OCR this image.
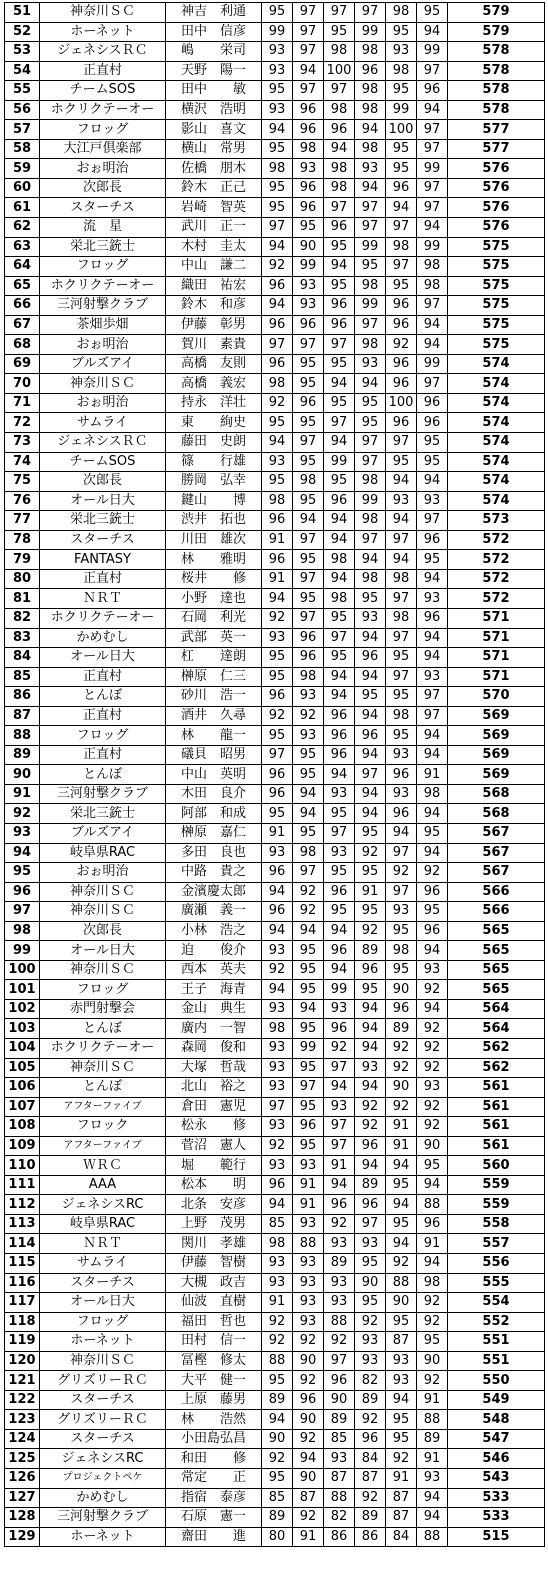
51	神奈川ＳＣ	神吉　利通	95	97	97	97	98	95	579
52	ホーネット	田中　信彦	99	97	95	99	95	94	579
53	ジェネシスＲＣ	嶋　　栄司	93	97	98	98	93	99	578
54	正直村	天野　陽一	93	94	100	96	98	97	578
55	チームSOS	田中　　敏	95	97	97	98	95	96	578
56	ホクリクテーオー	横沢　浩明	93	96	98	98	99	94	578
57	フロッグ	影山　喜文	94	96	96	94	100	97	577
58	大江戸倶楽部	横山　常男	95	98	94	98	95	97	577
59	おぉ明治	佐橋　朋木	98	93	98	93	95	99	576
60	次郎長	鈴木　正己	95	96	98	94	96	97	576
61	スターチス	岩崎　智英	95	96	97	97	94	97	576
62	流　星	武川　正一	97	95	96	97	97	94	576
63	栄北三銃士	木村　圭太	94	90	95	99	98	99	575
64	フロッグ	中山　謙二	92	99	94	95	97	98	575
65	ホクリクテーオー	織田　祐宏	96	93	95	98	95	98	575
66	三河射撃クラブ	鈴木　和彦	94	93	96	99	96	97	575
67	茶畑歩畑	伊藤　彰男	96	96	96	97	96	94	575
68	おぉ明治	賀川　素貴	97	97	97	98	92	94	575
69	ブルズアイ	高橋　友則	96	95	95	93	96	99	574
70	神奈川ＳＣ	高橋　義宏	98	95	94	94	96	97	574
71	おぉ明治	持永　洋壮	92	96	95	95	100	96	574
72	サムライ	東　　絢史	95	95	97	95	96	96	574
73	ジェネシスＲＣ	藤田　史朗	94	97	94	97	97	95	574
74	チームSOS	篠　　行雄	93	95	99	97	95	95	574
75	次郎長	勝岡　弘幸	95	98	95	98	94	94	574
76	オール日大	鍵山　　博	98	95	96	99	93	93	574
77	栄北三銃士	渋井　拓也	96	94	94	98	94	97	573
78	スターチス	川田　雄次	91	97	94	97	97	96	572
79	FANTASY	林　　雅明	96	95	98	94	94	95	572
80	正直村	桜井　　修	91	97	94	98	98	94	572
81	ＮＲＴ	小野　達也	94	95	98	95	97	93	572
82	ホクリクテーオー	石岡　利光	92	97	95	93	98	96	571
83	かめむし	武部　英一	93	96	97	94	97	94	571
84	オール日大	杠　　達朗	95	96	95	96	95	94	571
85	正直村	榊原　仁三	95	98	94	94	97	93	571
86	とんぼ	砂川　浩一	96	93	94	95	95	97	570
87	正直村	酒井　久尋	92	92	96	94	98	97	569
88	フロッグ	林　　龍一	95	93	96	96	95	94	569
89	正直村	礒貝　昭男	97	95	96	94	93	94	569
90	とんぼ	中山　英明	96	95	94	97	96	91	569
91	三河射撃クラブ	木田　良介	96	94	93	94	93	98	568
92	栄北三銃士	阿部　和成	95	94	95	94	96	94	568
93	ブルズアイ	榊原　嘉仁	91	95	97	95	94	95	567
94	岐阜県RAC	多田　良也	93	98	93	92	97	94	567
95	おぉ明治	中路　貴之	96	97	95	95	92	92	567
96	神奈川ＳＣ	金濱慶太郎	94	92	96	91	97	96	566
97	神奈川ＳＣ	廣瀬　義一	96	92	95	95	93	95	566
98	次郎長	小林　浩之	94	94	94	92	95	96	565
99	オール日大	迫　　俊介	93	95	96	89	98	94	565
100	神奈川ＳＣ	西本　英夫	92	95	94	96	95	93	565
101	フロッグ	王子　海青	94	95	99	95	90	92	565
102	赤門射撃会	金山　典生	93	94	93	94	96	94	564
103	とんぼ	廣内　一智	98	95	96	94	89	92	564
104	ホクリクテーオー	森岡　俊和	93	99	92	94	92	92	562
105	神奈川ＳＣ	大塚　哲哉	93	95	97	93	92	92	562
106	とんぼ	北山　裕之	93	97	94	94	90	93	561
107	アフターファイブ	倉田　憲児	97	95	93	92	92	92	561
108	フロック	松永　　修	93	96	97	92	91	92	561
109	アフターファイブ	菅沼　憲人	92	95	97	96	91	90	561
110	ＷＲＣ	堀　　範行	93	93	91	94	94	95	560
111	AAA	松本　　明	96	91	94	89	95	94	559
112	ジェネシスRC	北条　安彦	94	91	96	96	94	88	559
113	岐阜県RAC	上野　茂男	85	93	92	97	95	96	558
114	ＮＲＴ	関川　孝雄	98	88	93	93	94	91	557
115	サムライ	伊藤　智樹	93	93	89	95	92	94	556
116	スターチス	大槻　政吉	93	93	93	90	88	98	555
117	オール日大	仙波　直樹	91	93	93	95	90	92	554
118	フロッグ	福田　哲也	92	93	88	92	95	92	552
119	ホーネット	田村　信一	92	92	92	93	87	95	551
120	神奈川ＳＣ	冨樫　修太	88	90	97	93	93	90	551
121	グリズリーＲＣ	大平　健一	95	92	96	82	93	92	550
122	スターチス	上原　藤男	89	96	90	89	94	91	549
123	グリズリーＲＣ	林　　浩然	94	90	89	92	95	88	548
124	スターチス	小田島弘昌	90	92	85	96	95	89	547
125	ジェネシスRC	和田　　修	92	94	93	84	92	91	546
126	プロジェクトペケ	常定　　正	95	90	87	87	91	93	543
127	かめむし	指宿　泰彦	85	87	88	92	87	94	533
128	三河射撃クラブ	石原　憲一	89	92	82	89	87	94	533
129	ホーネット	齋田　　進	80	91	86	86	84	88	515
